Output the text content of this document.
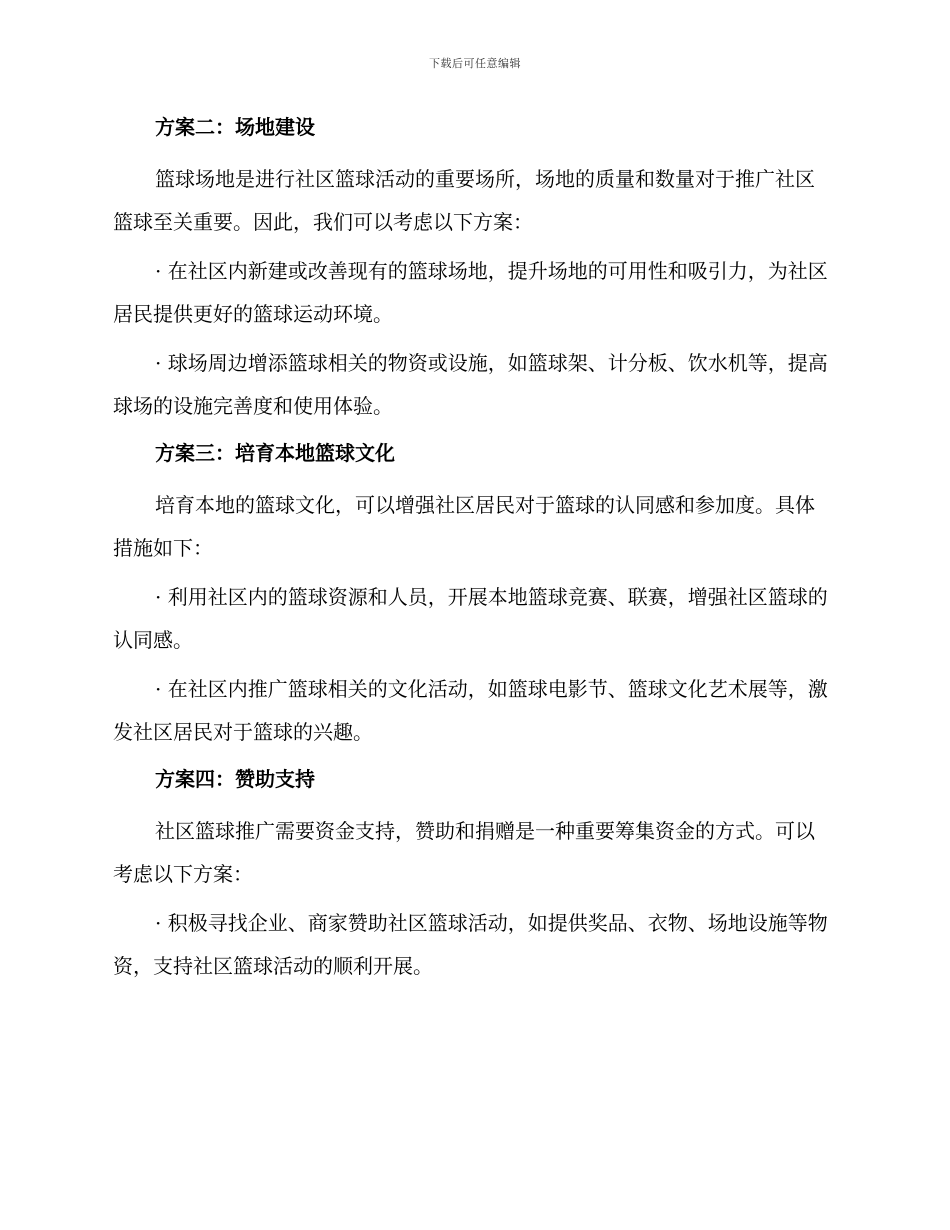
下载后可任意编辑

方案二：场地建设

篮球场地是进行社区篮球活动的重要场所，场地的质量和数量对于推广社区篮球至关重要。因此，我们可以考虑以下方案：

· 在社区内新建或改善现有的篮球场地，提升场地的可用性和吸引力，为社区居民提供更好的篮球运动环境。

· 球场周边增添篮球相关的物资或设施，如篮球架、计分板、饮水机等，提高球场的设施完善度和使用体验。

方案三：培育本地篮球文化

培育本地的篮球文化，可以增强社区居民对于篮球的认同感和参加度。具体措施如下：

· 利用社区内的篮球资源和人员，开展本地篮球竞赛、联赛，增强社区篮球的认同感。

· 在社区内推广篮球相关的文化活动，如篮球电影节、篮球文化艺术展等，激发社区居民对于篮球的兴趣。

方案四：赞助支持

社区篮球推广需要资金支持，赞助和捐赠是一种重要筹集资金的方式。可以考虑以下方案：

· 积极寻找企业、商家赞助社区篮球活动，如提供奖品、衣物、场地设施等物资，支持社区篮球活动的顺利开展。
